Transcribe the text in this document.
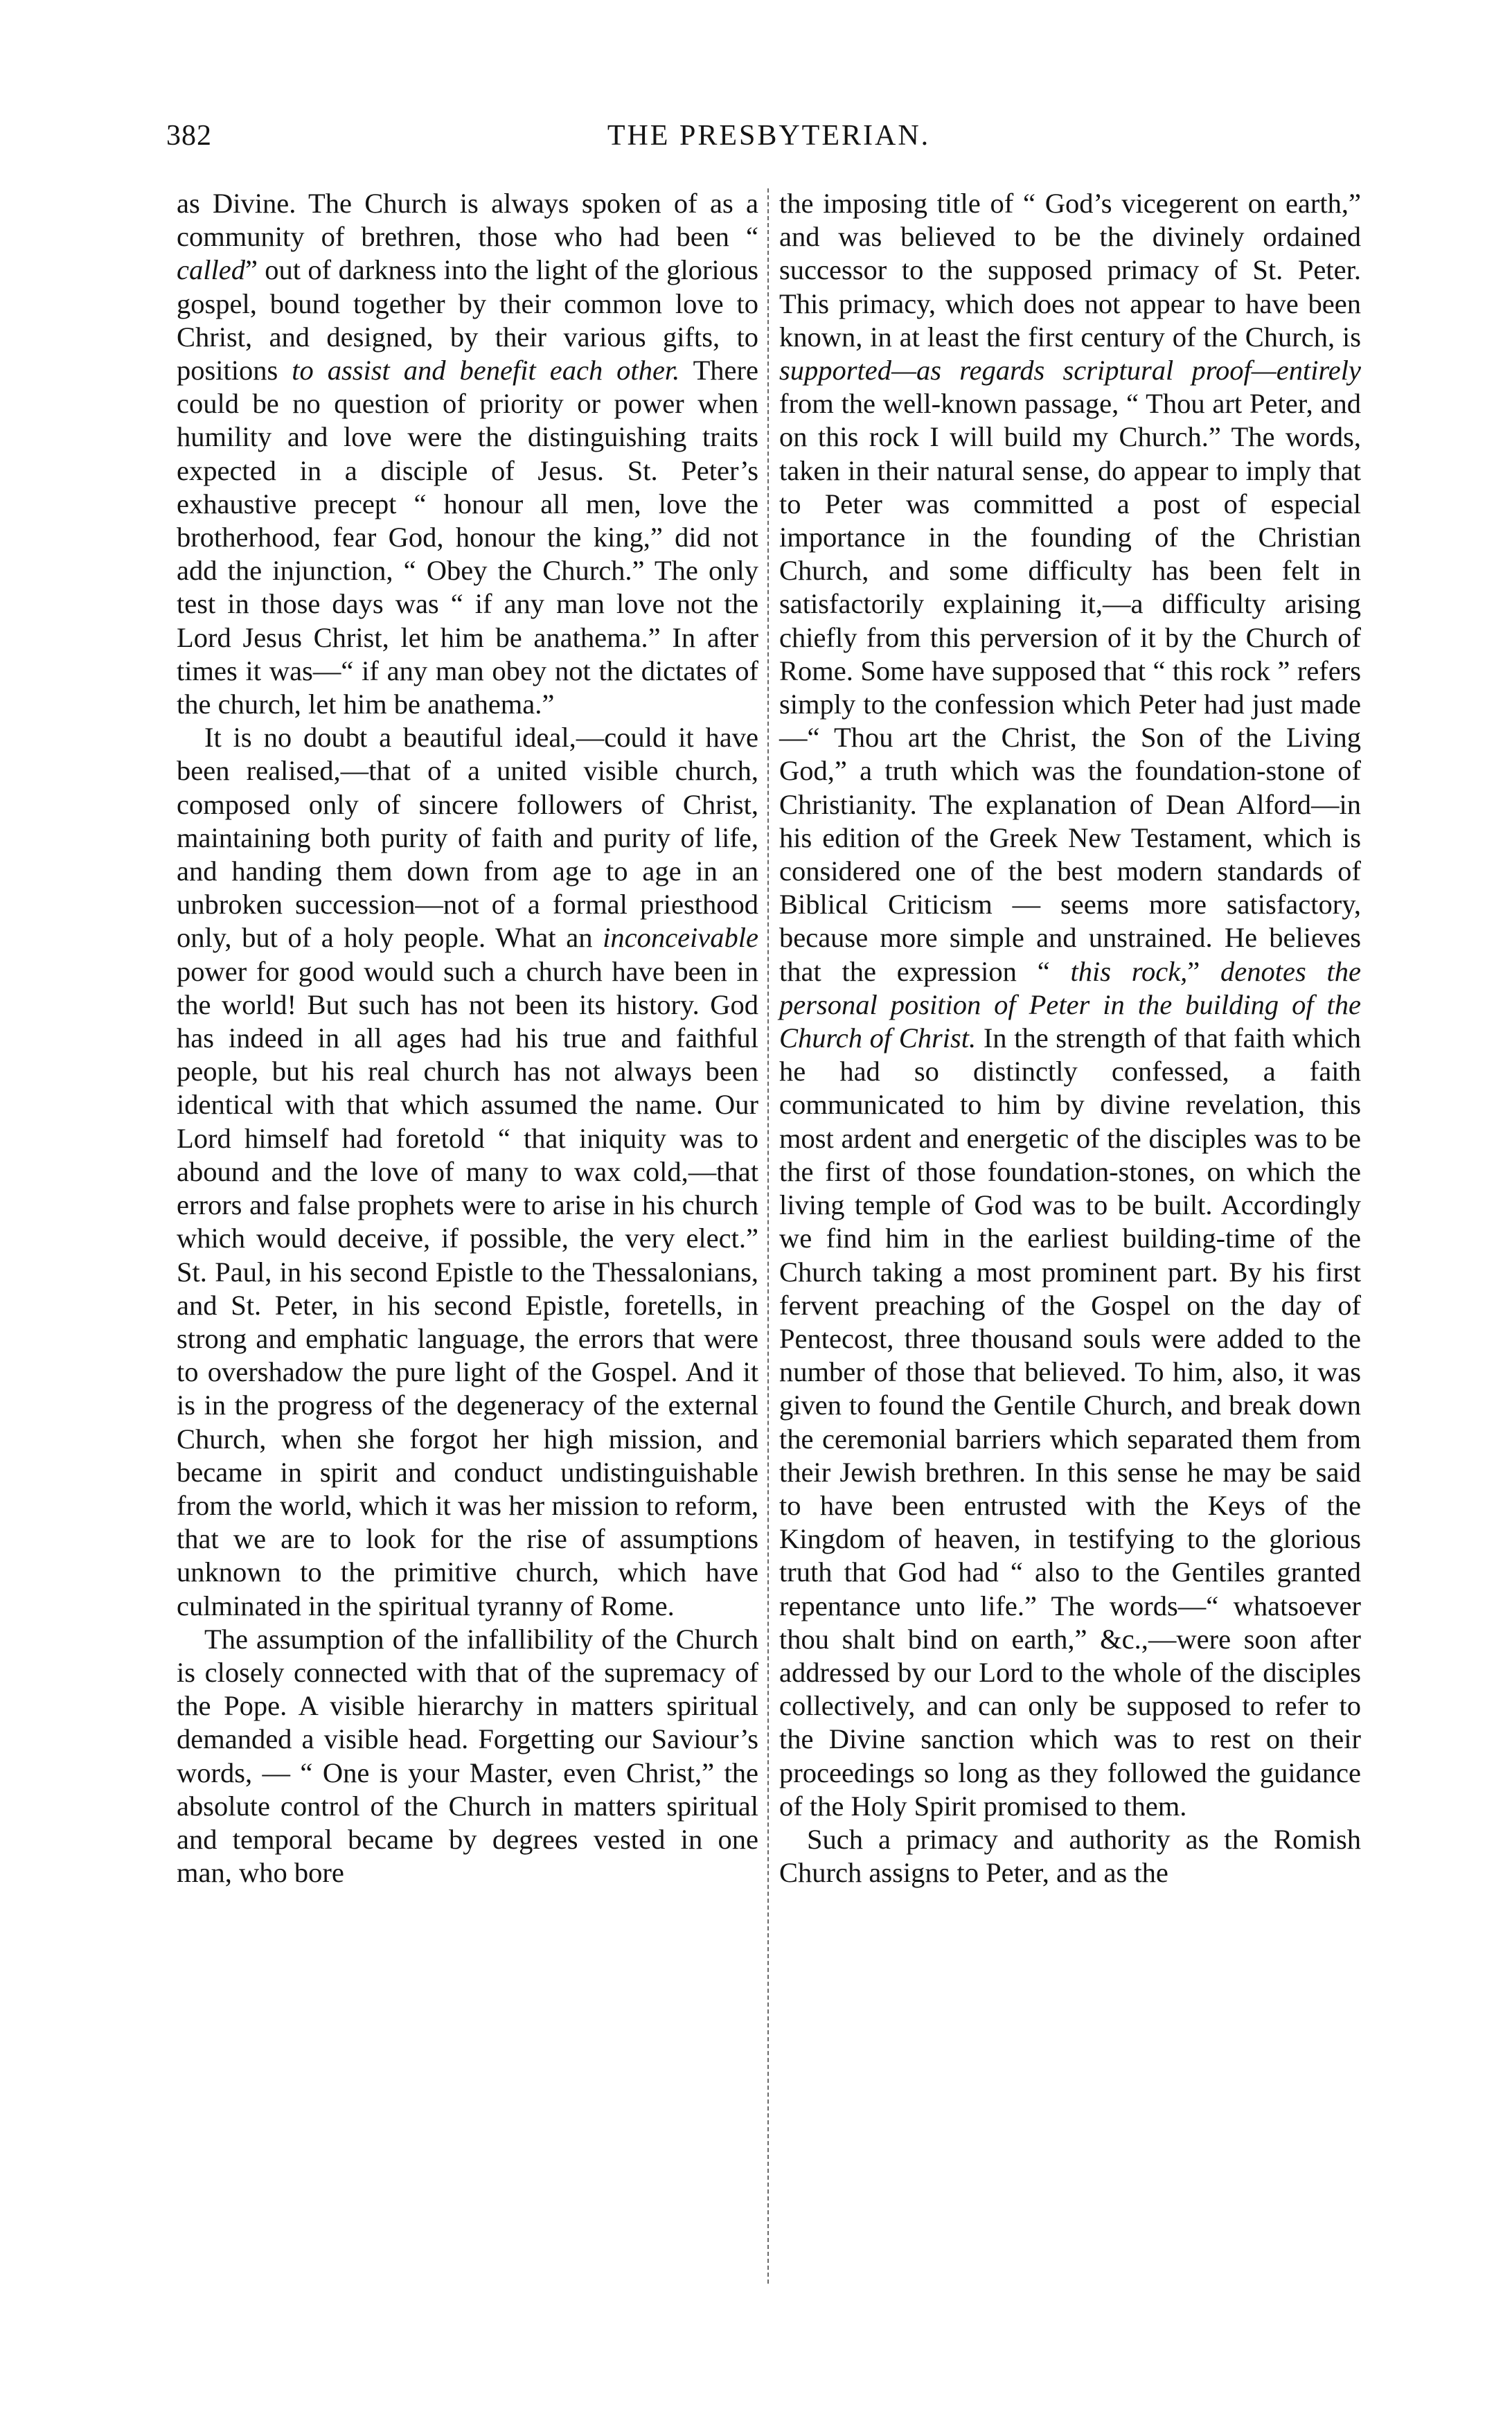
382	THE PRESBYTERIAN.

as Divine. The Church is always spoken of as a community of brethren, those who had been “ called” out of darkness into the light of the glorious gospel, bound together by their common love to Christ, and designed, by their various gifts, to positions to assist and benefit each other. There could be no question of priority or power when humility and love were the distinguishing traits expected in a disciple of Jesus. St. Peter’s exhaustive precept “ honour all men, love the brotherhood, fear God, honour the king,” did not add the injunction, “ Obey the Church.” The only test in those days was “ if any man love not the Lord Jesus Christ, let him be anathema.” In after times it was—“ if any man obey not the dictates of the church, let him be anathema.”

It is no doubt a beautiful ideal,—could it have been realised,—that of a united visible church, composed only of sincere followers of Christ, maintaining both purity of faith and purity of life, and handing them down from age to age in an unbroken succession—not of a formal priesthood only, but of a holy people. What an inconceivable power for good would such a church have been in the world! But such has not been its history. God has indeed in all ages had his true and faithful people, but his real church has not always been identical with that which assumed the name. Our Lord himself had foretold “ that iniquity was to abound and the love of many to wax cold,—that errors and false prophets were to arise in his church which would deceive, if possible, the very elect.” St. Paul, in his second Epistle to the Thessalonians, and St. Peter, in his second Epistle, foretells, in strong and emphatic language, the errors that were to overshadow the pure light of the Gospel. And it is in the progress of the degeneracy of the external Church, when she forgot her high mission, and became in spirit and conduct undistinguishable from the world, which it was her mission to reform, that we are to look for the rise of assumptions unknown to the primitive church, which have culminated in the spiritual tyranny of Rome.

The assumption of the infallibility of the Church is closely connected with that of the supremacy of the Pope. A visible hierarchy in matters spiritual demanded a visible head. Forgetting our Saviour’s words, — “ One is your Master, even Christ,” the absolute control of the Church in matters spiritual and temporal became by degrees vested in one man, who bore

the imposing title of “ God’s vicegerent on earth,” and was believed to be the divinely ordained successor to the supposed primacy of St. Peter. This primacy, which does not appear to have been known, in at least the first century of the Church, is supported—as regards scriptural proof—entirely from the well-known passage, “ Thou art Peter, and on this rock I will build my Church.” The words, taken in their natural sense, do appear to imply that to Peter was committed a post of especial importance in the founding of the Christian Church, and some difficulty has been felt in satisfactorily explaining it,—a difficulty arising chiefly from this perversion of it by the Church of Rome. Some have supposed that “ this rock ” refers simply to the confession which Peter had just made—“ Thou art the Christ, the Son of the Living God,” a truth which was the foundation-stone of Christianity. The explanation of Dean Alford—in his edition of the Greek New Testament, which is considered one of the best modern standards of Biblical Criticism — seems more satisfactory, because more simple and unstrained. He believes that the expression “ this rock,” denotes the personal position of Peter in the building of the Church of Christ. In the strength of that faith which he had so distinctly confessed, a faith communicated to him by divine revelation, this most ardent and energetic of the disciples was to be the first of those foundation-stones, on which the living temple of God was to be built. Accordingly we find him in the earliest building-time of the Church taking a most prominent part. By his first fervent preaching of the Gospel on the day of Pentecost, three thousand souls were added to the number of those that believed. To him, also, it was given to found the Gentile Church, and break down the ceremonial barriers which separated them from their Jewish brethren. In this sense he may be said to have been entrusted with the Keys of the Kingdom of heaven, in testifying to the glorious truth that God had “ also to the Gentiles granted repentance unto life.” The words—“ whatsoever thou shalt bind on earth,” &c.,—were soon after addressed by our Lord to the whole of the disciples collectively, and can only be supposed to refer to the Divine sanction which was to rest on their proceedings so long as they followed the guidance of the Holy Spirit promised to them.

Such a primacy and authority as the Romish Church assigns to Peter, and as the
